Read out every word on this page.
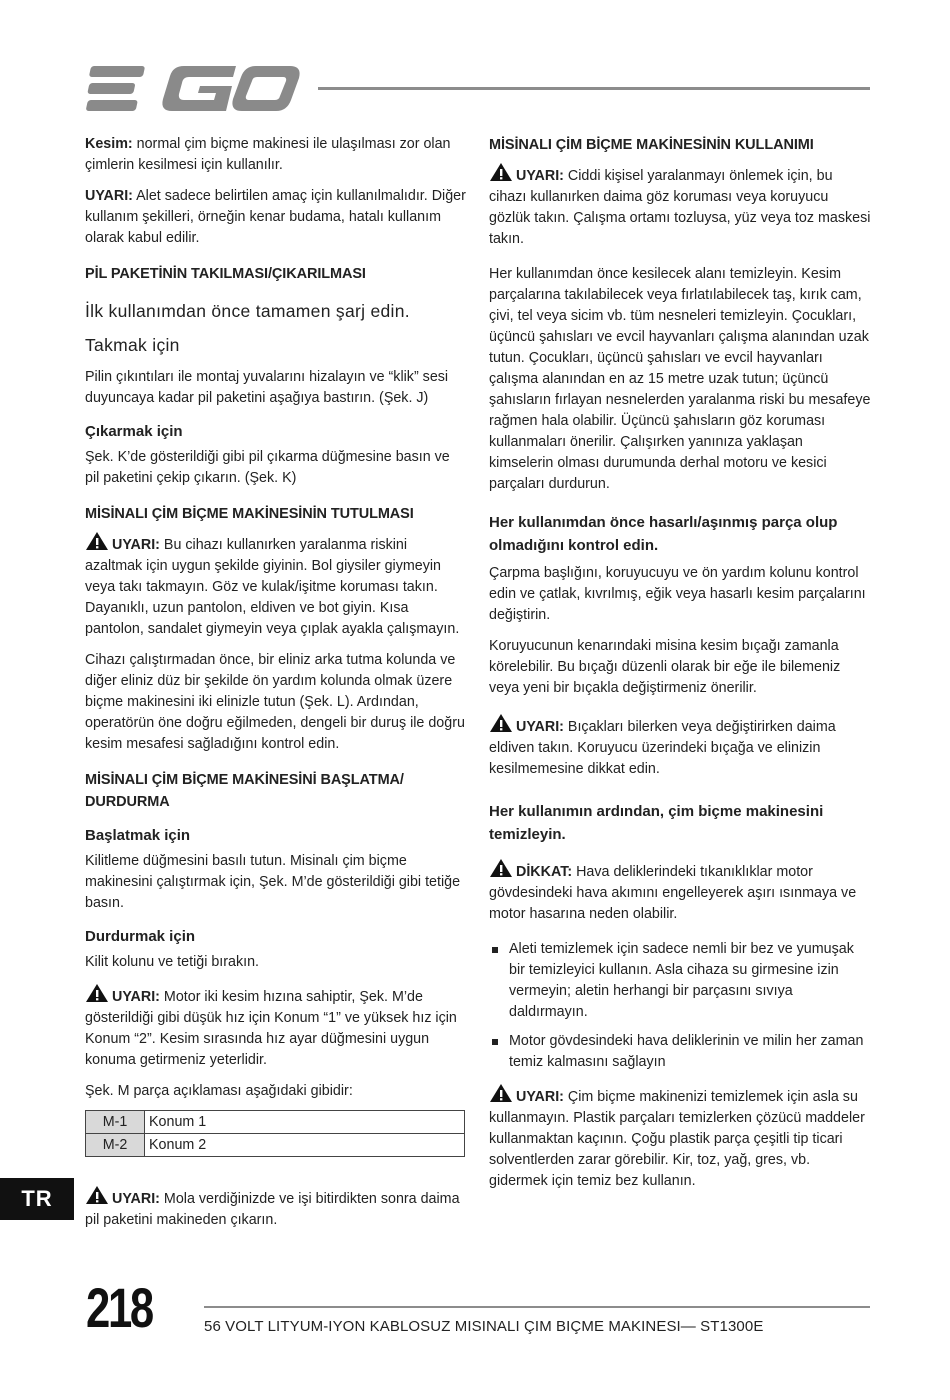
Kesim: normal çim biçme makinesi ile ulaşılması zor olan çimlerin kesilmesi için kullanılır.

UYARI: Alet sadece belirtilen amaç için kullanılmalıdır. Diğer kullanım şekilleri, örneğin kenar budama, hatalı kullanım olarak kabul edilir.

PİL PAKETİNİN TAKILMASI/ÇIKARILMASI
İlk kullanımdan önce tamamen şarj edin.
Takmak için

Pilin çıkıntıları ile montaj yuvalarını hizalayın ve “klik” sesi duyuncaya kadar pil paketini aşağıya bastırın. (Şek. J)

Çıkarmak için

Şek. K’de gösterildiği gibi pil çıkarma düğmesine basın ve pil paketini çekip çıkarın. (Şek. K)

MİSİNALI ÇİM BİÇME MAKİNESİNİN TUTULMASI

UYARI: Bu cihazı kullanırken yaralanma riskini azaltmak için uygun şekilde giyinin. Bol giysiler giymeyin veya takı takmayın. Göz ve kulak/işitme koruması takın. Dayanıklı, uzun pantolon, eldiven ve bot giyin. Kısa pantolon, sandalet giymeyin veya çıplak ayakla çalışmayın.

Cihazı çalıştırmadan önce, bir eliniz arka tutma kolunda ve diğer eliniz düz bir şekilde ön yardım kolunda olmak üzere biçme makinesini iki elinizle tutun (Şek. L). Ardından, operatörün öne doğru eğilmeden, dengeli bir duruş ile doğru kesim mesafesi sağladığını kontrol edin.

MİSİNALI ÇİM BİÇME MAKİNESİNİ BAŞLATMA/ DURDURMA
Başlatmak için

Kilitleme düğmesini basılı tutun. Misinalı çim biçme makinesini çalıştırmak için, Şek. M’de gösterildiği gibi tetiğe basın.

Durdurmak için

Kilit kolunu ve tetiği bırakın.

UYARI: Motor iki kesim hızına sahiptir, Şek. M’de gösterildiği gibi düşük hız için Konum “1” ve yüksek hız için Konum “2”. Kesim sırasında hız ayar düğmesini uygun konuma getirmeniz yeterlidir.

Şek. M parça açıklaması aşağıdaki gibidir:

M-1	Konum 1
M-2	Konum 2

UYARI: Mola verdiğinizde ve işi bitirdikten sonra daima pil paketini makineden çıkarın.

MİSİNALI ÇİM BİÇME MAKİNESİNİN KULLANIMI

UYARI: Ciddi kişisel yaralanmayı önlemek için, bu cihazı kullanırken daima göz koruması veya koruyucu gözlük takın. Çalışma ortamı tozluysa, yüz veya toz maskesi takın.

Her kullanımdan önce kesilecek alanı temizleyin. Kesim parçalarına takılabilecek veya fırlatılabilecek taş, kırık cam, çivi, tel veya sicim vb. tüm nesneleri temizleyin. Çocukları, üçüncü şahısları ve evcil hayvanları çalışma alanından uzak tutun. Çocukları, üçüncü şahısları ve evcil hayvanları çalışma alanından en az 15 metre uzak tutun; üçüncü şahısların fırlayan nesnelerden yaralanma riski bu mesafeye rağmen hala olabilir. Üçüncü şahısların göz koruması kullanmaları önerilir. Çalışırken yanınıza yaklaşan kimselerin olması durumunda derhal motoru ve kesici parçaları durdurun.

Her kullanımdan önce hasarlı/aşınmış parça olup olmadığını kontrol edin.

Çarpma başlığını, koruyucuyu ve ön yardım kolunu kontrol edin ve çatlak, kıvrılmış, eğik veya hasarlı kesim parçalarını değiştirin.

Koruyucunun kenarındaki misina kesim bıçağı zamanla körelebilir. Bu bıçağı düzenli olarak bir eğe ile bilemeniz veya yeni bir bıçakla değiştirmeniz önerilir.

UYARI: Bıçakları bilerken veya değiştirirken daima eldiven takın. Koruyucu üzerindeki bıçağa ve elinizin kesilmemesine dikkat edin.

Her kullanımın ardından, çim biçme makinesini temizleyin.

DİKKAT: Hava deliklerindeki tıkanıklıklar motor gövdesindeki hava akımını engelleyerek aşırı ısınmaya ve motor hasarına neden olabilir.

Aleti temizlemek için sadece nemli bir bez ve yumuşak bir temizleyici kullanın. Asla cihaza su girmesine izin vermeyin; aletin herhangi bir parçasını sıvıya daldırmayın.
Motor gövdesindeki hava deliklerinin ve milin her zaman temiz kalmasını sağlayın

UYARI: Çim biçme makinenizi temizlemek için asla su kullanmayın. Plastik parçaları temizlerken çözücü maddeler kullanmaktan kaçının. Çoğu plastik parça çeşitli tip ticari solventlerden zarar görebilir. Kir, toz, yağ, gres, vb. gidermek için temiz bez kullanın.

TR
218	56 VOLT LITYUM-IYON KABLOSUZ MISINALI ÇIM BIÇME MAKINESI— ST1300E
